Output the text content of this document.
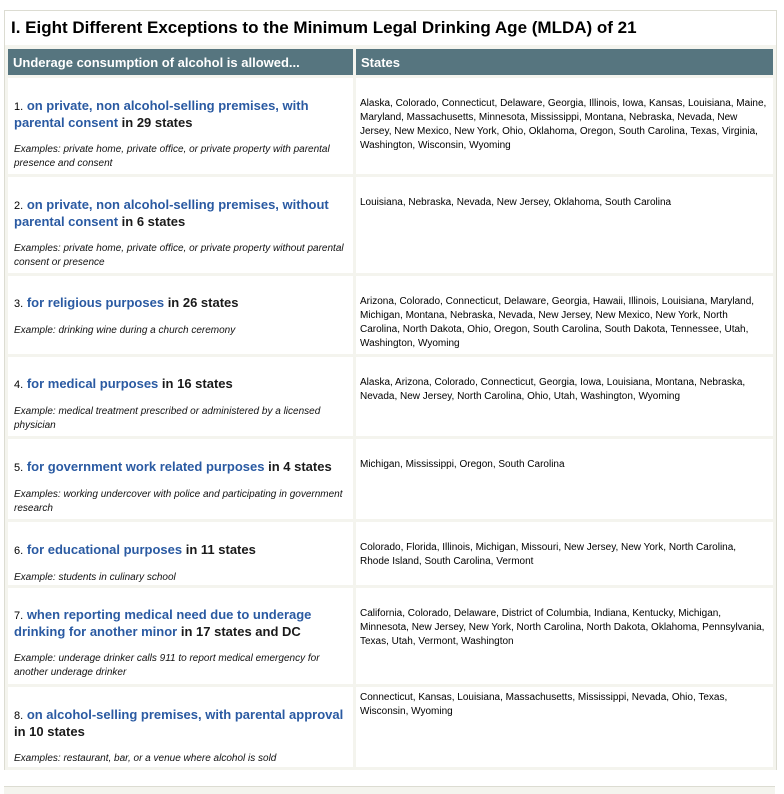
I. Eight Different Exceptions to the Minimum Legal Drinking Age (MLDA) of 21
Underage consumption of alcohol is allowed...	States

1. on private, non alcohol-selling premises, with parental consent in 29 states
Examples: private home, private office, or private property with parental presence and consent	Alaska, Colorado, Connecticut, Delaware, Georgia, Illinois, Iowa, Kansas, Louisiana, Maine, Maryland, Massachusetts, Minnesota, Mississippi, Montana, Nebraska, Nevada, New Jersey, New Mexico, New York, Ohio, Oklahoma, Oregon, South Carolina, Texas, Virginia, Washington, Wisconsin, Wyoming

2. on private, non alcohol-selling premises, without parental consent in 6 states
Examples: private home, private office, or private property without parental consent or presence	Louisiana, Nebraska, Nevada, New Jersey, Oklahoma, South Carolina

3. for religious purposes in 26 states
Example: drinking wine during a church ceremony	Arizona, Colorado, Connecticut, Delaware, Georgia, Hawaii, Illinois, Louisiana, Maryland, Michigan, Montana, Nebraska, Nevada, New Jersey, New Mexico, New York, North Carolina, North Dakota, Ohio, Oregon, South Carolina, South Dakota, Tennessee, Utah, Washington, Wyoming

4. for medical purposes in 16 states
Example: medical treatment prescribed or administered by a licensed physician	Alaska, Arizona, Colorado, Connecticut, Georgia, Iowa, Louisiana, Montana, Nebraska, Nevada, New Jersey, North Carolina, Ohio, Utah, Washington, Wyoming

5. for government work related purposes in 4 states
Examples: working undercover with police and participating in government research	Michigan, Mississippi, Oregon, South Carolina

6. for educational purposes in 11 states
Example: students in culinary school	Colorado, Florida, Illinois, Michigan, Missouri, New Jersey, New York, North Carolina, Rhode Island, South Carolina, Vermont

7. when reporting medical need due to underage drinking for another minor in 17 states and DC
Example: underage drinker calls 911 to report medical emergency for another underage drinker	California, Colorado, Delaware, District of Columbia, Indiana, Kentucky, Michigan, Minnesota, New Jersey, New York, North Carolina, North Dakota, Oklahoma, Pennsylvania, Texas, Utah, Vermont, Washington

8. on alcohol-selling premises, with parental approval in 10 states
Examples: restaurant, bar, or a venue where alcohol is sold	Connecticut, Kansas, Louisiana, Massachusetts, Mississippi, Nevada, Ohio, Texas, Wisconsin, Wyoming
